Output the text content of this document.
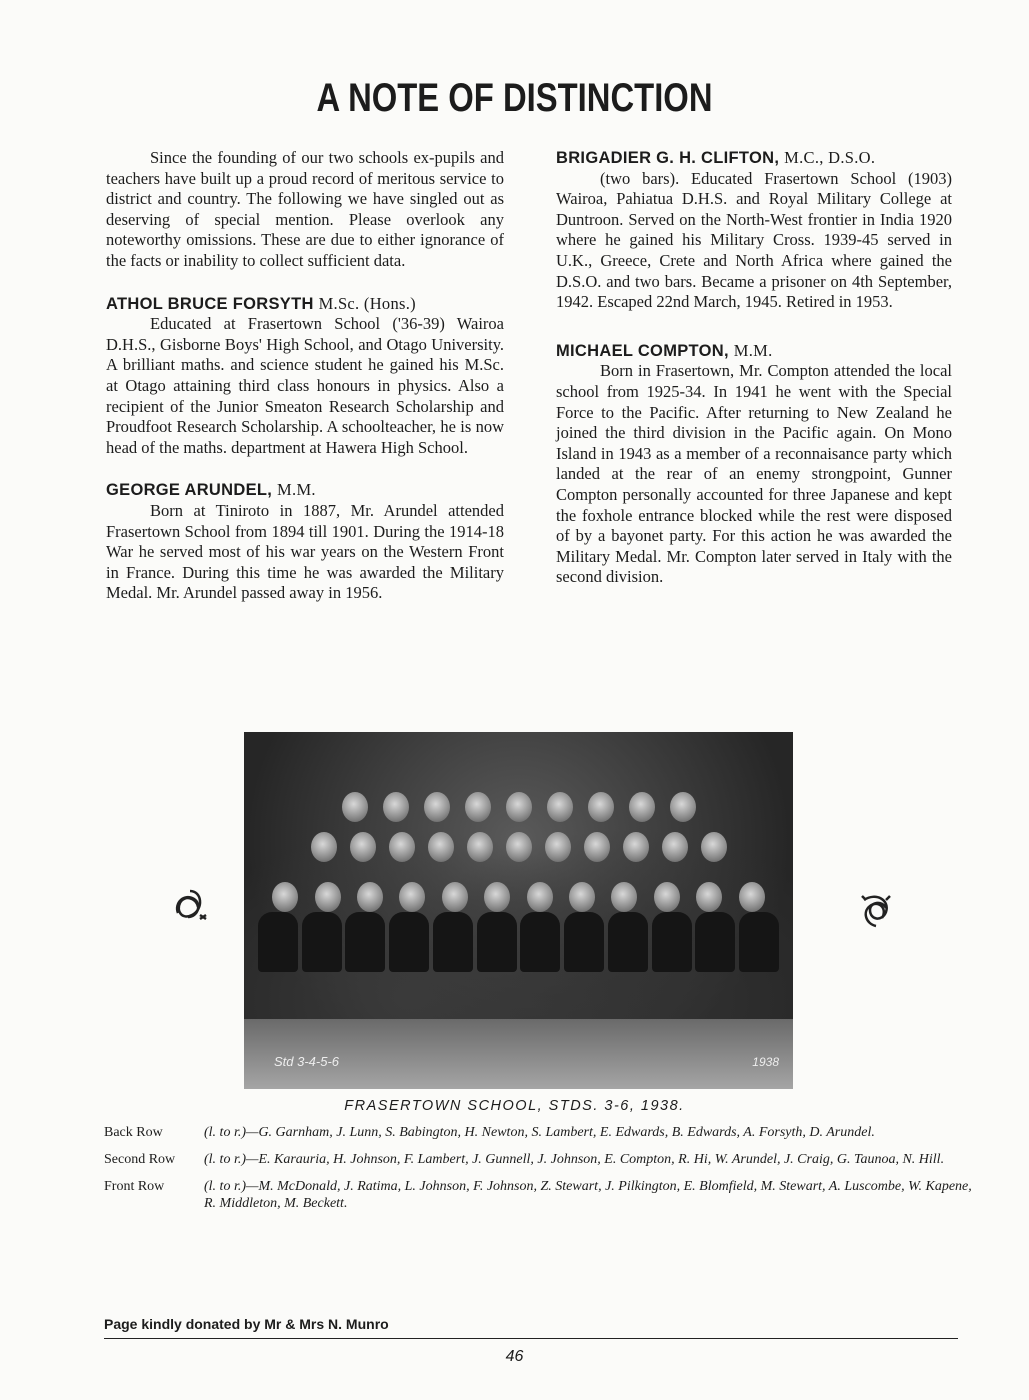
A NOTE OF DISTINCTION

Since the founding of our two schools ex-pupils and teachers have built up a proud record of meritous service to district and country. The following we have singled out as deserving of special mention. Please overlook any noteworthy omissions. These are due to either ignorance of the facts or inability to collect sufficient data.

ATHOL BRUCE FORSYTH M.Sc. (Hons.)

Educated at Frasertown School ('36-39) Wairoa D.H.S., Gisborne Boys' High School, and Otago University. A brilliant maths. and science student he gained his M.Sc. at Otago attaining third class honours in physics. Also a recipient of the Junior Smeaton Research Scholarship and Proudfoot Research Scholarship. A schoolteacher, he is now head of the maths. department at Hawera High School.

GEORGE ARUNDEL, M.M.

Born at Tiniroto in 1887, Mr. Arundel attended Frasertown School from 1894 till 1901. During the 1914-18 War he served most of his war years on the Western Front in France. During this time he was awarded the Military Medal. Mr. Arundel passed away in 1956.

BRIGADIER G. H. CLIFTON, M.C., D.S.O.

(two bars). Educated Frasertown School (1903) Wairoa, Pahiatua D.H.S. and Royal Military College at Duntroon. Served on the North-West frontier in India 1920 where he gained his Military Cross. 1939-45 served in U.K., Greece, Crete and North Africa where gained the D.S.O. and two bars. Became a prisoner on 4th September, 1942. Escaped 22nd March, 1945. Retired in 1953.

MICHAEL COMPTON, M.M.

Born in Frasertown, Mr. Compton attended the local school from 1925-34. In 1941 he went with the Special Force to the Pacific. After returning to New Zealand he joined the third division in the Pacific again. On Mono Island in 1943 as a member of a reconnaisance party which landed at the rear of an enemy strongpoint, Gunner Compton personally accounted for three Japanese and kept the foxhole entrance blocked while the rest were disposed of by a bayonet party. For this action he was awarded the Military Medal. Mr. Compton later served in Italy with the second division.

Std 3-4-5-6	1938

FRASERTOWN SCHOOL, STDS. 3-6, 1938.

Back Row	(l. to r.)—G. Garnham, J. Lunn, S. Babington, H. Newton, S. Lambert, E. Edwards, B. Edwards, A. Forsyth, D. Arundel.
Second Row	(l. to r.)—E. Karauria, H. Johnson, F. Lambert, J. Gunnell, J. Johnson, E. Compton, R. Hi, W. Arundel, J. Craig, G. Taunoa, N. Hill.
Front Row	(l. to r.)—M. McDonald, J. Ratima, L. Johnson, F. Johnson, Z. Stewart, J. Pilkington, E. Blomfield, M. Stewart, A. Luscombe, W. Kapene, R. Middleton, M. Beckett.

Page kindly donated by Mr & Mrs N. Munro

46
